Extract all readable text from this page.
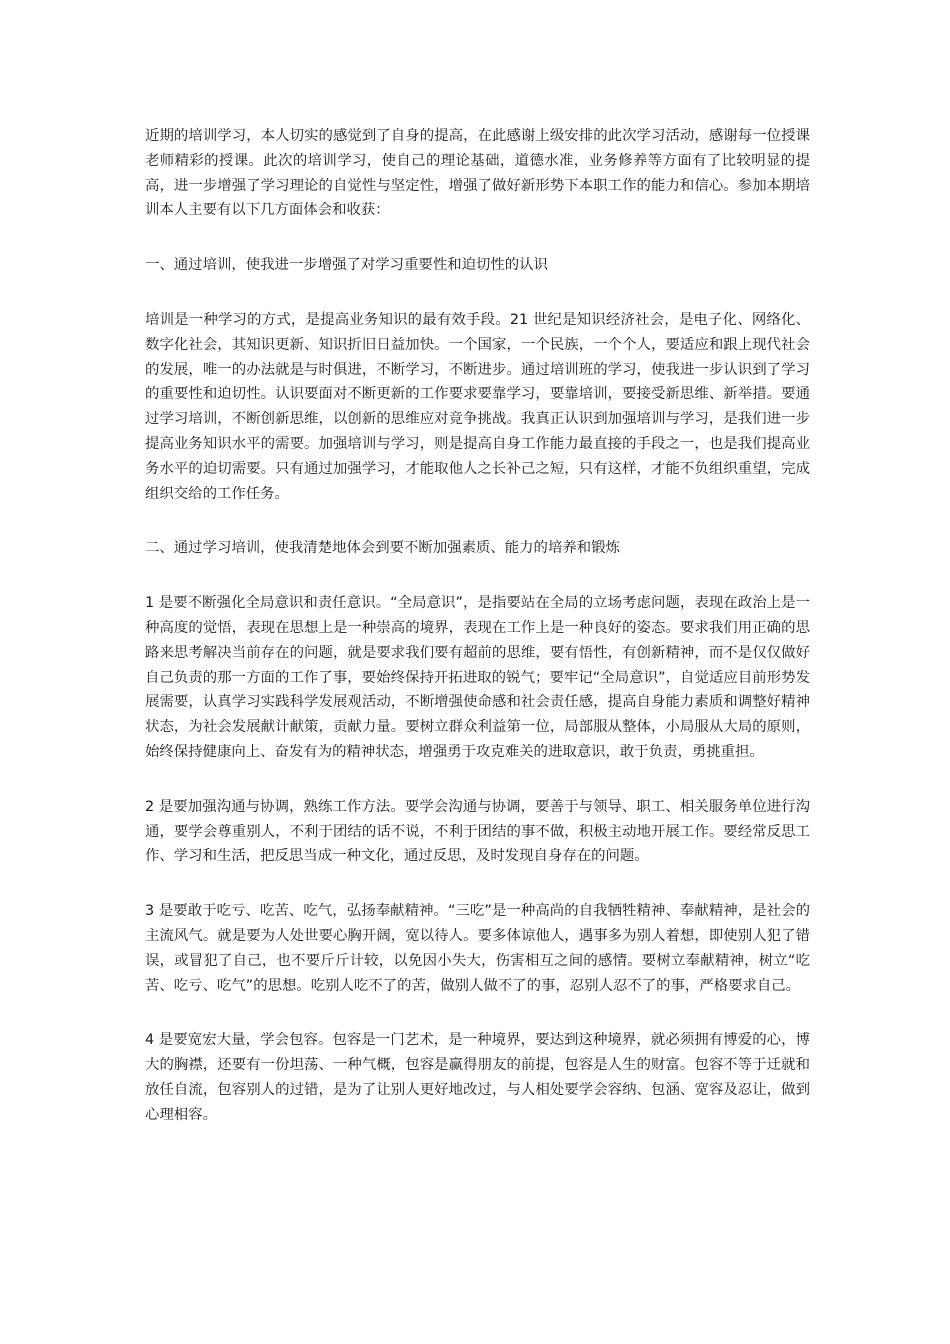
近期的培训学习，本人切实的感觉到了自身的提高，在此感谢上级安排的此次学习活动，感谢每一位授课老师精彩的授课。此次的培训学习，使自己的理论基础，道德水准，业务修养等方面有了比较明显的提高，进一步增强了学习理论的自觉性与坚定性，增强了做好新形势下本职工作的能力和信心。参加本期培训本人主要有以下几方面体会和收获：

一、通过培训，使我进一步增强了对学习重要性和迫切性的认识

培训是一种学习的方式，是提高业务知识的最有效手段。21 世纪是知识经济社会，是电子化、网络化、数字化社会，其知识更新、知识折旧日益加快。一个国家，一个民族，一个个人，要适应和跟上现代社会的发展，唯一的办法就是与时俱进，不断学习，不断进步。通过培训班的学习，使我进一步认识到了学习的重要性和迫切性。认识要面对不断更新的工作要求要靠学习，要靠培训，要接受新思维、新举措。要通过学习培训，不断创新思维，以创新的思维应对竞争挑战。我真正认识到加强培训与学习，是我们进一步提高业务知识水平的需要。加强培训与学习，则是提高自身工作能力最直接的手段之一，也是我们提高业务水平的迫切需要。只有通过加强学习，才能取他人之长补己之短，只有这样，才能不负组织重望，完成组织交给的工作任务。

二、通过学习培训，使我清楚地体会到要不断加强素质、能力的培养和锻炼

1 是要不断强化全局意识和责任意识。“全局意识”，是指要站在全局的立场考虑问题，表现在政治上是一种高度的觉悟，表现在思想上是一种崇高的境界，表现在工作上是一种良好的姿态。要求我们用正确的思路来思考解决当前存在的问题，就是要求我们要有超前的思维，要有悟性，有创新精神，而不是仅仅做好自己负责的那一方面的工作了事，要始终保持开拓进取的锐气；要牢记“全局意识”，自觉适应目前形势发展需要，认真学习实践科学发展观活动，不断增强使命感和社会责任感，提高自身能力素质和调整好精神状态，为社会发展献计献策，贡献力量。要树立群众利益第一位，局部服从整体，小局服从大局的原则，始终保持健康向上、奋发有为的精神状态，增强勇于攻克难关的进取意识，敢于负责，勇挑重担。

2 是要加强沟通与协调，熟练工作方法。要学会沟通与协调，要善于与领导、职工、相关服务单位进行沟通，要学会尊重别人，不利于团结的话不说，不利于团结的事不做，积极主动地开展工作。要经常反思工作、学习和生活，把反思当成一种文化，通过反思，及时发现自身存在的问题。

3 是要敢于吃亏、吃苦、吃气，弘扬奉献精神。“三吃”是一种高尚的自我牺牲精神、奉献精神，是社会的主流风气。就是要为人处世要心胸开阔，宽以待人。要多体谅他人，遇事多为别人着想，即使别人犯了错误，或冒犯了自己，也不要斤斤计较，以免因小失大，伤害相互之间的感情。要树立奉献精神，树立“吃苦、吃亏、吃气”的思想。吃别人吃不了的苦，做别人做不了的事，忍别人忍不了的事，严格要求自己。

4 是要宽宏大量，学会包容。包容是一门艺术，是一种境界，要达到这种境界，就必须拥有博爱的心，博大的胸襟，还要有一份坦荡、一种气概，包容是赢得朋友的前提，包容是人生的财富。包容不等于迁就和放任自流，包容别人的过错，是为了让别人更好地改过，与人相处要学会容纳、包涵、宽容及忍让，做到心理相容。
